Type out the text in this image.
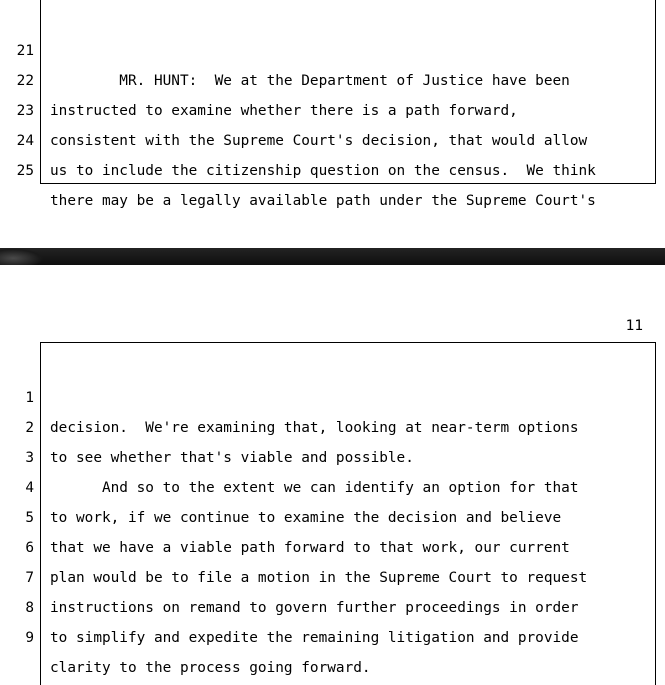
21

MR. HUNT:  We at the Department of Justice have been

22

instructed to examine whether there is a path forward,

23

consistent with the Supreme Court's decision, that would allow

24

us to include the citizenship question on the census.  We think

25

there may be a legally available path under the Supreme Court's

11

1

decision.  We're examining that, looking at near-term options

2

to see whether that's viable and possible.

3

And so to the extent we can identify an option for that

4

to work, if we continue to examine the decision and believe

5

that we have a viable path forward to that work, our current

6

plan would be to file a motion in the Supreme Court to request

7

instructions on remand to govern further proceedings in order

8

to simplify and expedite the remaining litigation and provide

9

clarity to the process going forward.
